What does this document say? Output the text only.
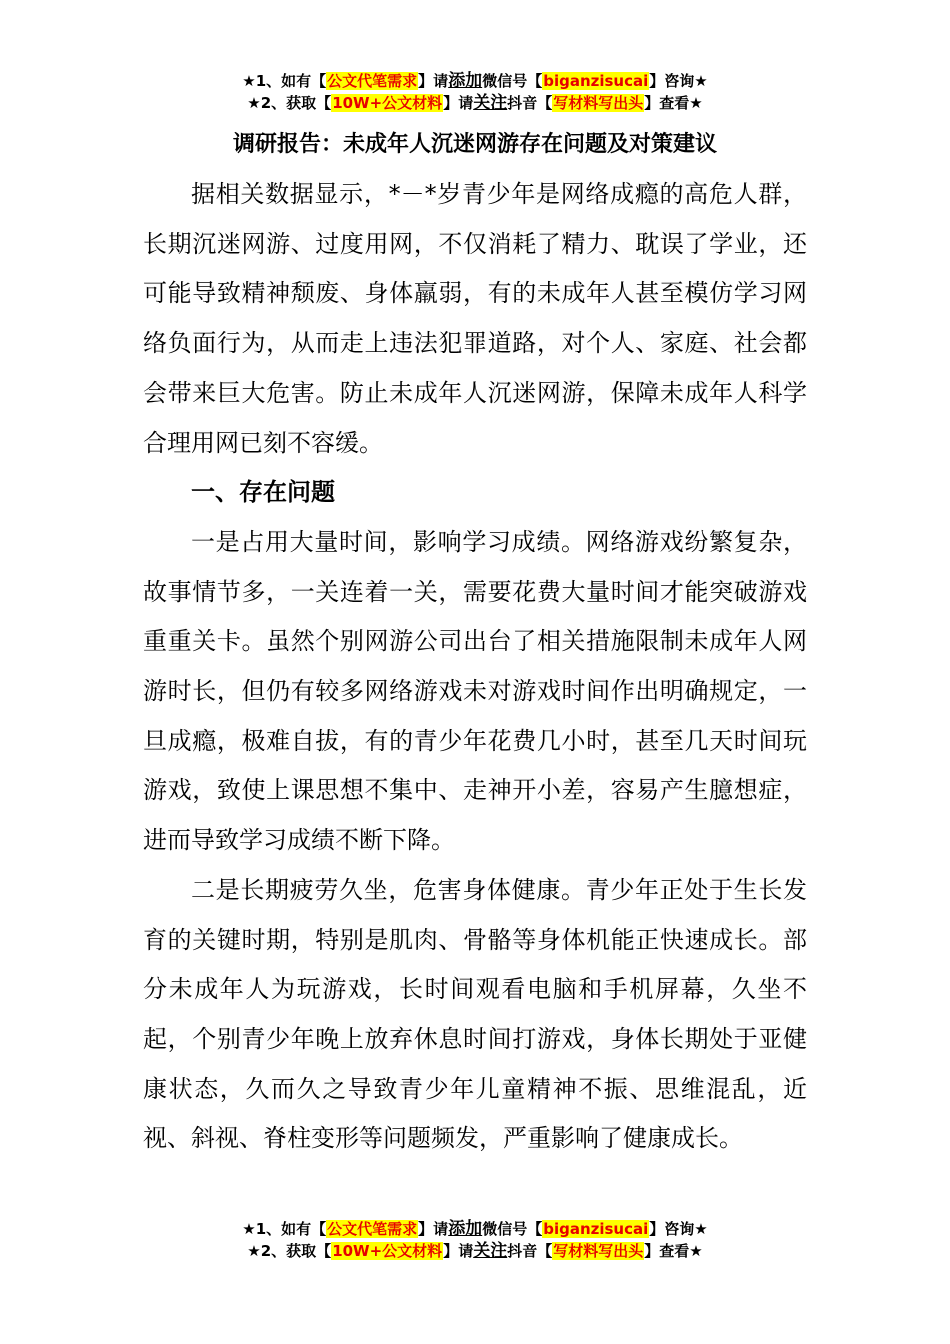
★1、如有【公文代笔需求】请添加微信号【biganzisucai】咨询★
★2、获取【10W+公文材料】请关注抖音【写材料写出头】查看★
调研报告：未成年人沉迷网游存在问题及对策建议

据相关数据显示，*－*岁青少年是网络成瘾的高危人群，长期沉迷网游、过度用网，不仅消耗了精力、耽误了学业，还可能导致精神颓废、身体羸弱，有的未成年人甚至模仿学习网络负面行为，从而走上违法犯罪道路，对个人、家庭、社会都会带来巨大危害。防止未成年人沉迷网游，保障未成年人科学合理用网已刻不容缓。

一、存在问题

一是占用大量时间，影响学习成绩。网络游戏纷繁复杂，故事情节多，一关连着一关，需要花费大量时间才能突破游戏重重关卡。虽然个别网游公司出台了相关措施限制未成年人网游时长，但仍有较多网络游戏未对游戏时间作出明确规定，一旦成瘾，极难自拔，有的青少年花费几小时，甚至几天时间玩游戏，致使上课思想不集中、走神开小差，容易产生臆想症，进而导致学习成绩不断下降。

二是长期疲劳久坐，危害身体健康。青少年正处于生长发育的关键时期，特别是肌肉、骨骼等身体机能正快速成长。部分未成年人为玩游戏，长时间观看电脑和手机屏幕，久坐不起，个别青少年晚上放弃休息时间打游戏，身体长期处于亚健康状态，久而久之导致青少年儿童精神不振、思维混乱，近视、斜视、脊柱变形等问题频发，严重影响了健康成长。

★1、如有【公文代笔需求】请添加微信号【biganzisucai】咨询★
★2、获取【10W+公文材料】请关注抖音【写材料写出头】查看★
